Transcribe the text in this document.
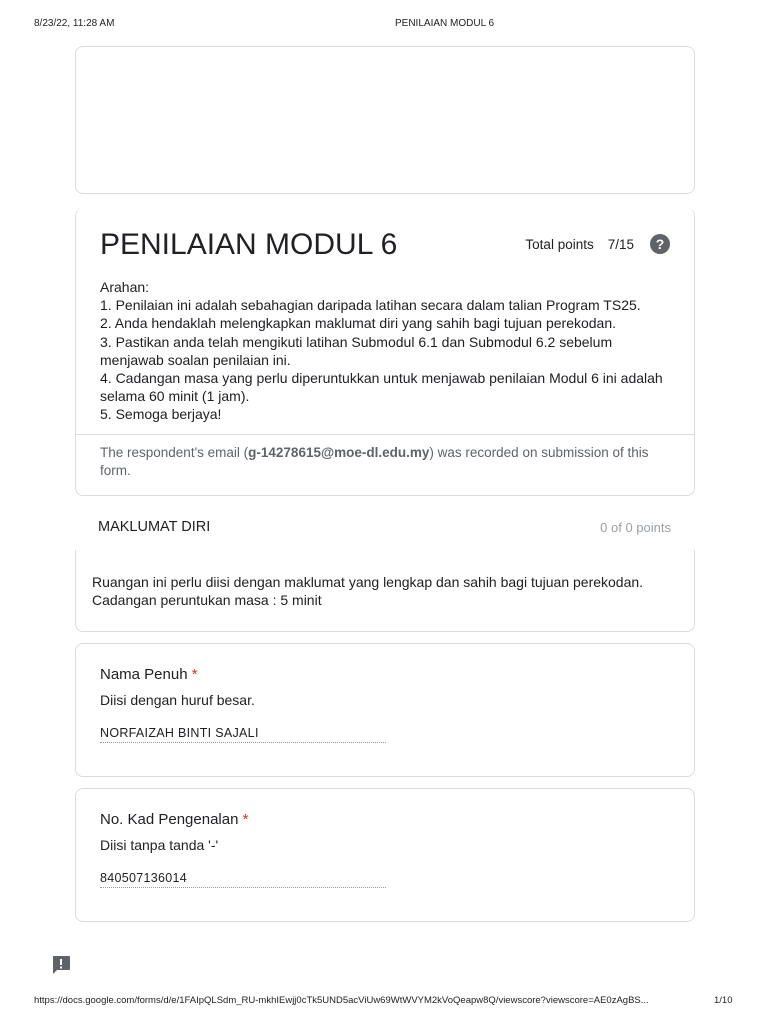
8/23/22, 11:28 AM	PENILAIAN MODUL 6
PENILAIAN MODUL 6	Total points 7/15	?
Arahan:
1. Penilaian ini adalah sebahagian daripada latihan secara dalam talian Program TS25.
2. Anda hendaklah melengkapkan maklumat diri yang sahih bagi tujuan perekodan.
3. Pastikan anda telah mengikuti latihan Submodul 6.1 dan Submodul 6.2 sebelum menjawab soalan penilaian ini.
4. Cadangan masa yang perlu diperuntukkan untuk menjawab penilaian Modul 6 ini adalah selama 60 minit (1 jam).
5. Semoga berjaya!
The respondent's email (g-14278615@moe-dl.edu.my) was recorded on submission of this form.
MAKLUMAT DIRI	0 of 0 points
Ruangan ini perlu diisi dengan maklumat yang lengkap dan sahih bagi tujuan perekodan.
Cadangan peruntukan masa : 5 minit
Nama Penuh *
Diisi dengan huruf besar.
NORFAIZAH BINTI SAJALI
No. Kad Pengenalan *
Diisi tanpa tanda '-'
840507136014
https://docs.google.com/forms/d/e/1FAIpQLSdm_RU-mkhIEwjj0cTk5UND5acViUw69WtWVYM2kVoQeapw8Q/viewscore?viewscore=AE0zAgBS...	1/10
